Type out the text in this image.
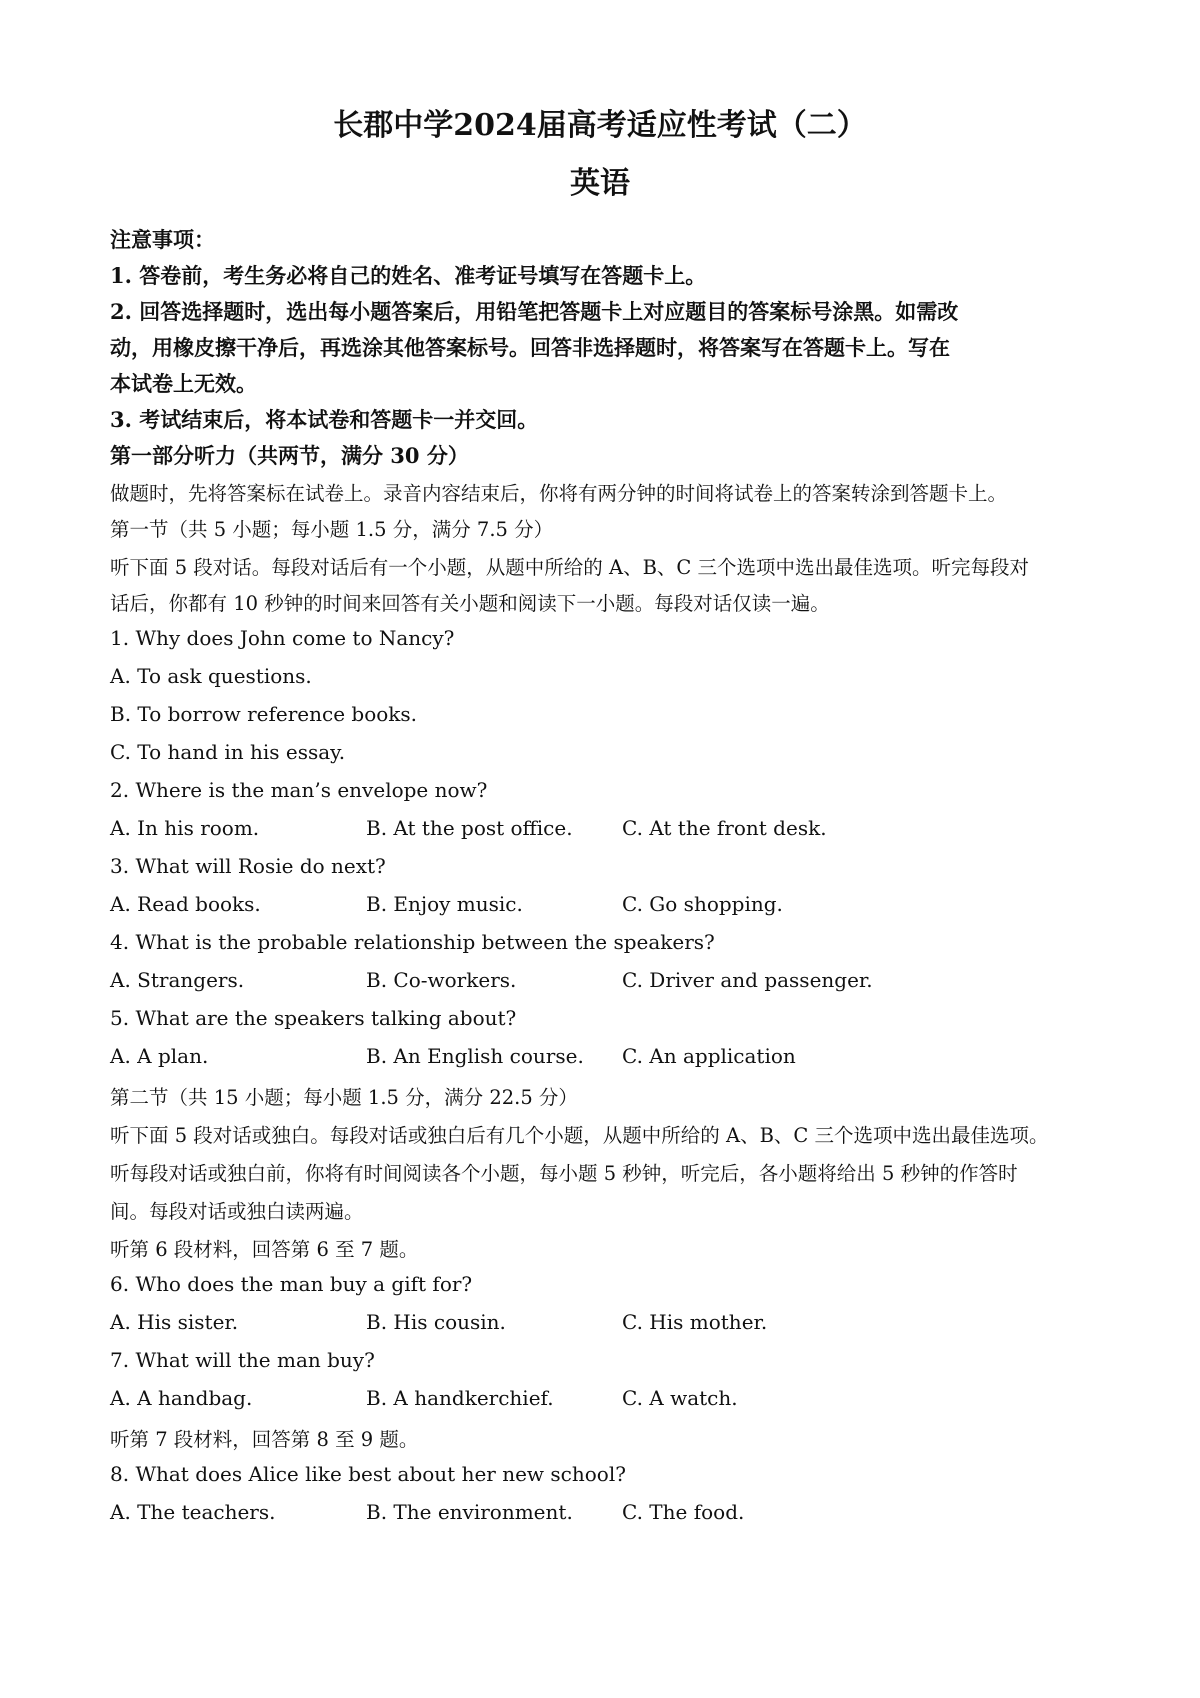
长郡中学2024届高考适应性考试（二）
英语

注意事项：

1. 答卷前，考生务必将自己的姓名、准考证号填写在答题卡上。

2. 回答选择题时，选出每小题答案后，用铅笔把答题卡上对应题目的答案标号涂黑。如需改

动，用橡皮擦干净后，再选涂其他答案标号。回答非选择题时，将答案写在答题卡上。写在

本试卷上无效。

3. 考试结束后，将本试卷和答题卡一并交回。

第一部分听力（共两节，满分 30 分）

做题时，先将答案标在试卷上。录音内容结束后，你将有两分钟的时间将试卷上的答案转涂到答题卡上。

第一节（共 5 小题；每小题 1.5 分，满分 7.5 分）

听下面 5 段对话。每段对话后有一个小题，从题中所给的 A、B、C 三个选项中选出最佳选项。听完每段对

话后，你都有 10 秒钟的时间来回答有关小题和阅读下一小题。每段对话仅读一遍。

1. Why does John come to Nancy?

A. To ask questions.

B. To borrow reference books.

C. To hand in his essay.

2. Where is the man’s envelope now?

A. In his room.	B. At the post office. C. At the front desk.

3. What will Rosie do next?

A. Read books.	B. Enjoy music.	C. Go shopping.

4. What is the probable relationship between the speakers?

A. Strangers.	B. Co-workers.	C. Driver and passenger.

5. What are the speakers talking about?

A. A plan.	B. An English course. C. An application

第二节（共 15 小题；每小题 1.5 分，满分 22.5 分）

听下面 5 段对话或独白。每段对话或独白后有几个小题，从题中所给的 A、B、C 三个选项中选出最佳选项。

听每段对话或独白前，你将有时间阅读各个小题，每小题 5 秒钟，听完后，各小题将给出 5 秒钟的作答时

间。每段对话或独白读两遍。

听第 6 段材料，回答第 6 至 7 题。

6. Who does the man buy a gift for?

A. His sister.	B. His cousin.	C. His mother.

7. What will the man buy?

A. A handbag.	B. A handkerchief.	C. A watch.

听第 7 段材料，回答第 8 至 9 题。

8. What does Alice like best about her new school?

A. The teachers.	B. The environment. C. The food.
